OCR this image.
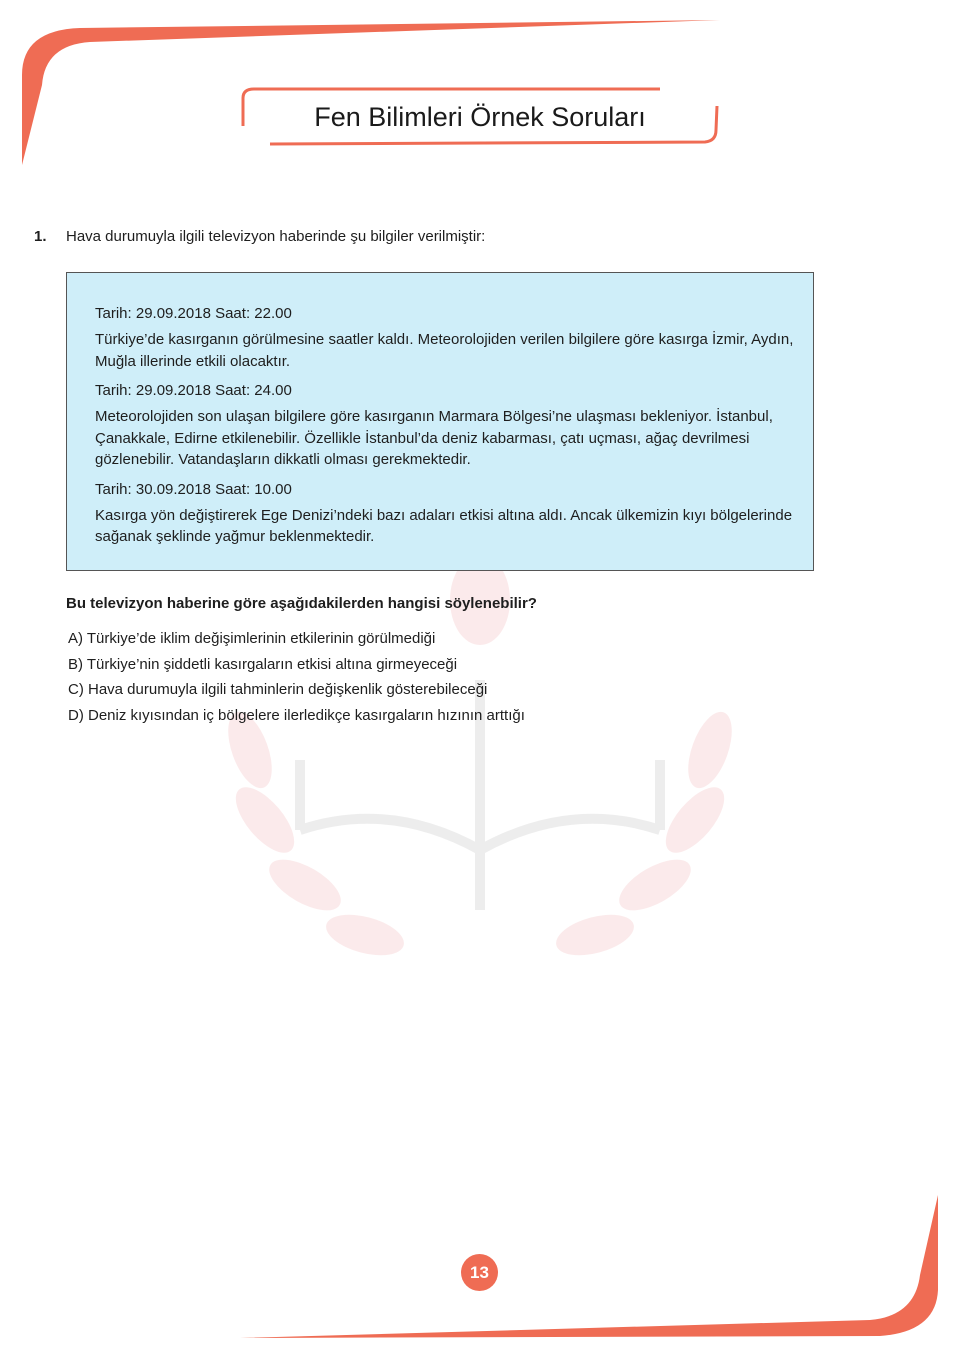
Fen Bilimleri Örnek Soruları
1. Hava durumuyla ilgili televizyon haberinde şu bilgiler verilmiştir:

Tarih: 29.09.2018 Saat: 22.00

Türkiye’de kasırganın görülmesine saatler kaldı. Meteorolojiden verilen bilgilere göre kasırga İzmir, Aydın, Muğla illerinde etkili olacaktır.

Tarih: 29.09.2018 Saat: 24.00

Meteorolojiden son ulaşan bilgilere göre kasırganın Marmara Bölgesi’ne ulaşması bekleniyor. İstanbul, Çanakkale, Edirne etkilenebilir. Özellikle İstanbul’da deniz kabarması, çatı uçması, ağaç devrilmesi gözlenebilir. Vatandaşların dikkatli olması gerekmektedir.

Tarih: 30.09.2018 Saat: 10.00

Kasırga yön değiştirerek Ege Denizi’ndeki bazı adaları etkisi altına aldı. Ancak ülkemizin kıyı bölgelerinde sağanak şeklinde yağmur beklenmektedir.

Bu televizyon haberine göre aşağıdakilerden hangisi söylenebilir?
A) Türkiye’de iklim değişimlerinin etkilerinin görülmediği
B) Türkiye’nin şiddetli kasırgaların etkisi altına girmeyeceği
C) Hava durumuyla ilgili tahminlerin değişkenlik gösterebileceği
D) Deniz kıyısından iç bölgelere ilerledikçe kasırgaların hızının arttığı
13
